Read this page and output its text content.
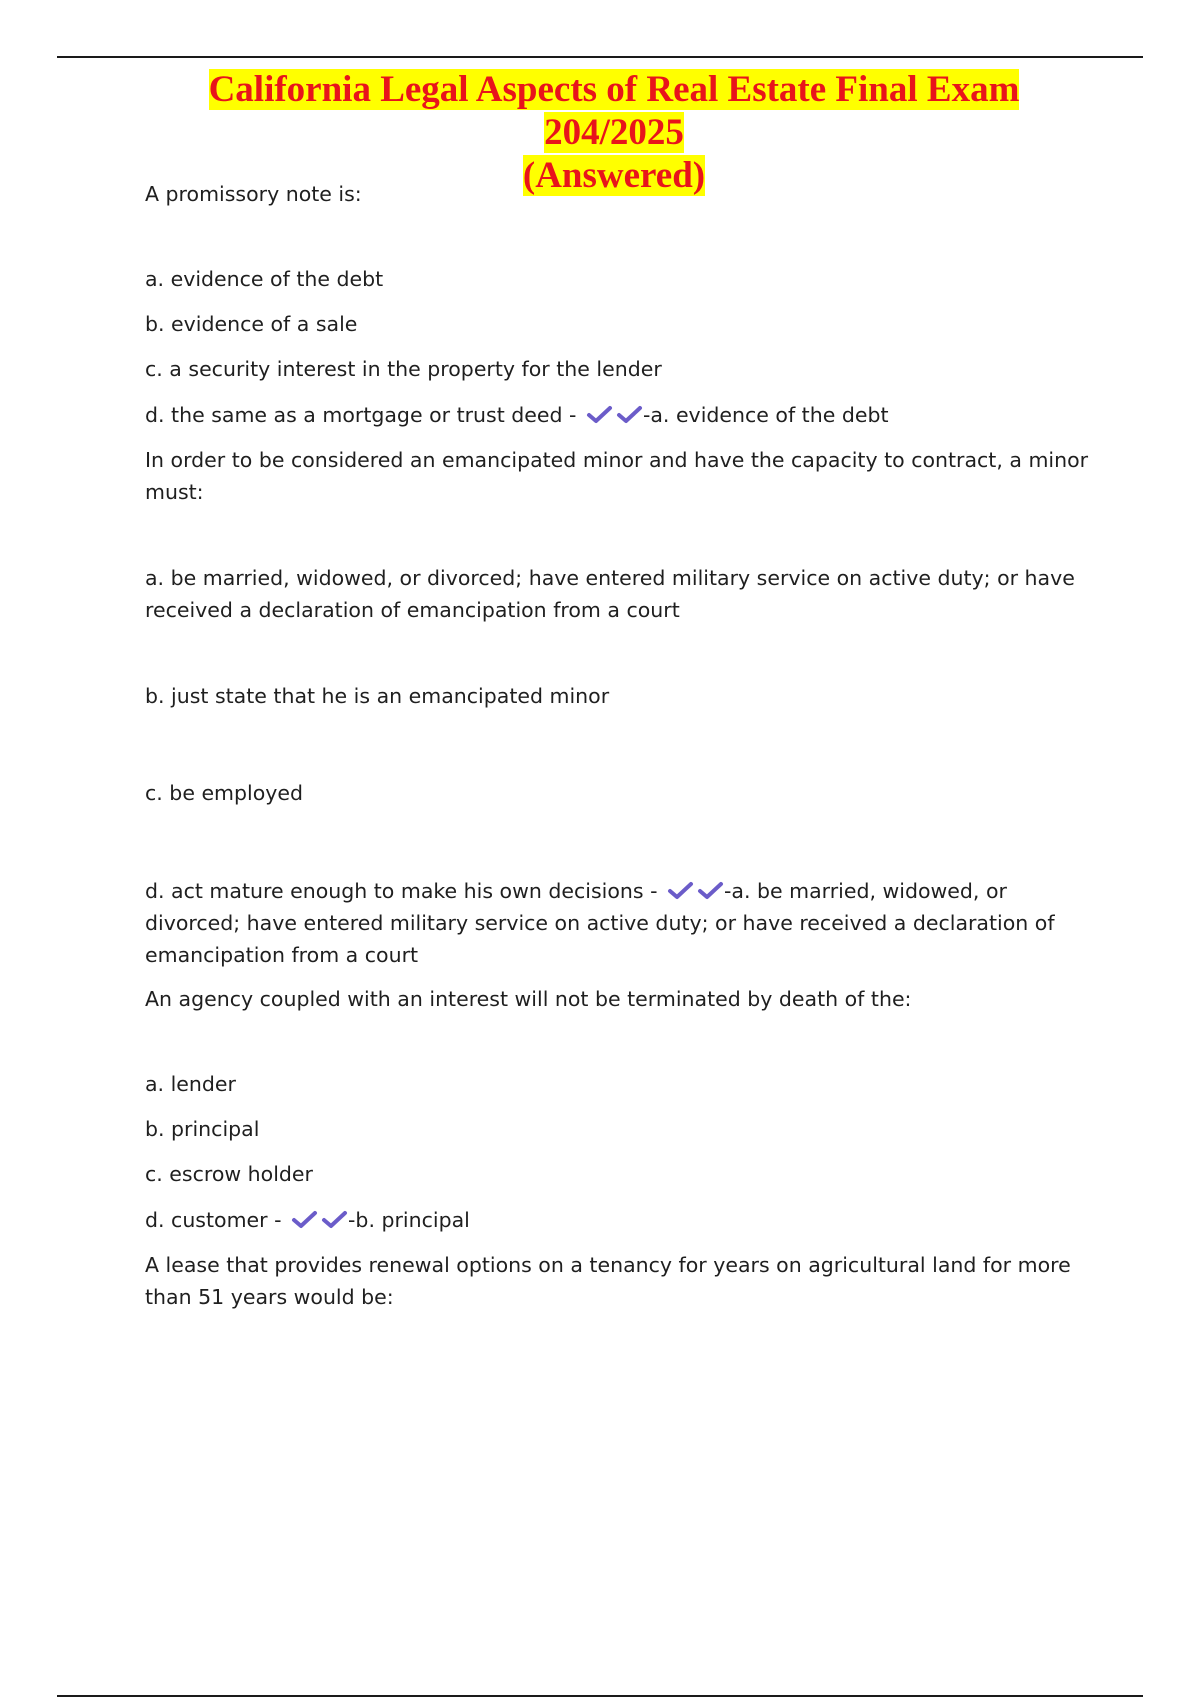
California Legal Aspects of Real Estate Final Exam 204/2025
(Answered)

A promissory note is:

a. evidence of the debt

b. evidence of a sale

c. a security interest in the property for the lender

d. the same as a mortgage or trust deed -	-a. evidence of the debt

In order to be considered an emancipated minor and have the capacity to contract, a minor must:

a. be married, widowed, or divorced; have entered military service on active duty; or have received a declaration of emancipation from a court

b. just state that he is an emancipated minor

c. be employed

d. act mature enough to make his own decisions -	-a. be married, widowed, or divorced; have entered military service on active duty; or have received a declaration of emancipation from a court

An agency coupled with an interest will not be terminated by death of the:

a. lender

b. principal

c. escrow holder

d. customer -	-b. principal

A lease that provides renewal options on a tenancy for years on agricultural land for more than 51 years would be:
